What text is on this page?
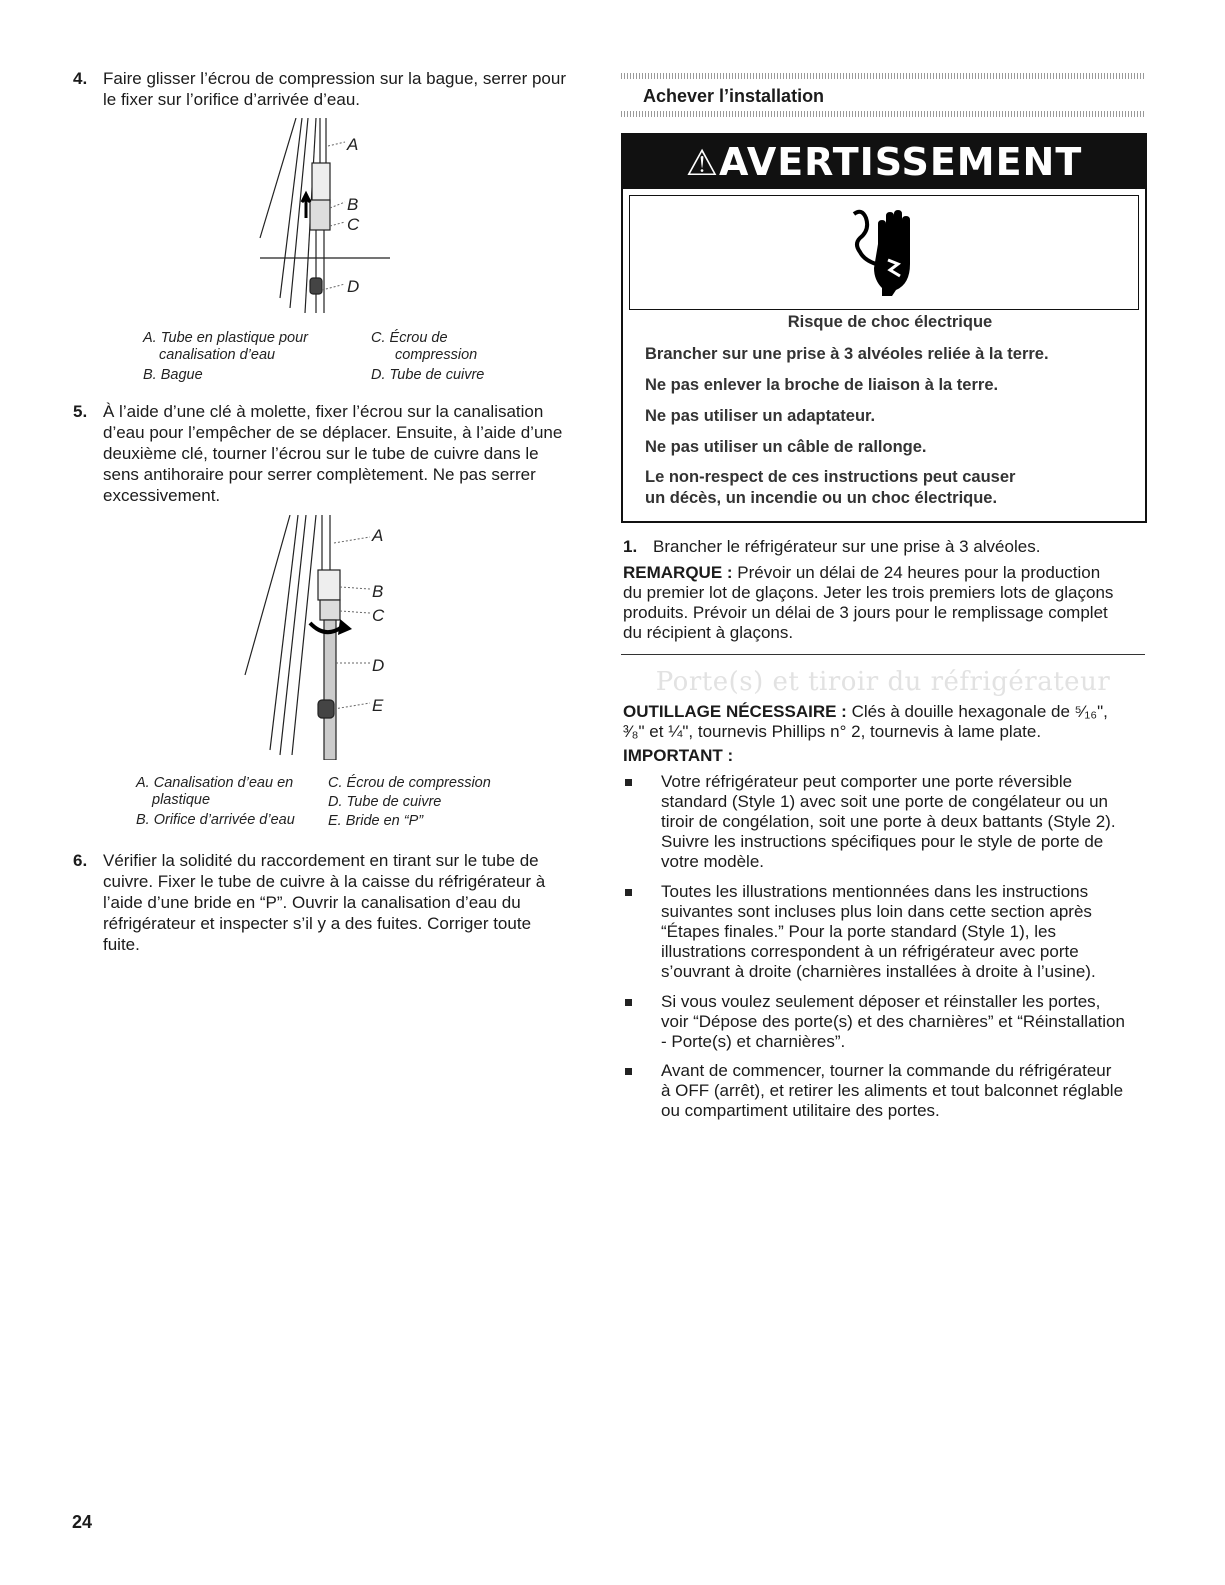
4. Faire glisser l’écrou de compression sur la bague, serrer pour
le fixer sur l’orifice d’arrivée d’eau.
A
B
C
D
A. Tube en plastique pour
canalisation d’eau
B. Bague
C. Écrou de
compression
D. Tube de cuivre
5. À l’aide d’une clé à molette, fixer l’écrou sur la canalisation
d’eau pour l’empêcher de se déplacer. Ensuite, à l’aide d’une
deuxième clé, tourner l’écrou sur le tube de cuivre dans le
sens antihoraire pour serrer complètement. Ne pas serrer
excessivement.
A
B
C
D
E
A. Canalisation d’eau en
plastique
B. Orifice d’arrivée d’eau
C. Écrou de compression
D. Tube de cuivre
E. Bride en “P”
6. Vérifier la solidité du raccordement en tirant sur le tube de
cuivre. Fixer le tube de cuivre à la caisse du réfrigérateur à
l’aide d’une bride en “P”. Ouvrir la canalisation d’eau du
réfrigérateur et inspecter s’il y a des fuites. Corriger toute
fuite.
Achever l’installation
⚠AVERTISSEMENT
Risque de choc électrique
Brancher sur une prise à 3 alvéoles reliée à la terre.
Ne pas enlever la broche de liaison à la terre.
Ne pas utiliser un adaptateur.
Ne pas utiliser un câble de rallonge.
Le non-respect de ces instructions peut causer
un décès, un incendie ou un choc électrique.
1. Brancher le réfrigérateur sur une prise à 3 alvéoles.
REMARQUE : Prévoir un délai de 24 heures pour la production
du premier lot de glaçons. Jeter les trois premiers lots de glaçons
produits. Prévoir un délai de 3 jours pour le remplissage complet
du récipient à glaçons.
Porte(s) et tiroir du réfrigérateur
OUTILLAGE NÉCESSAIRE : Clés à douille hexagonale de ⁵⁄₁₆",
³⁄₈" et ¼", tournevis Phillips n° 2, tournevis à lame plate.
IMPORTANT :
Votre réfrigérateur peut comporter une porte réversible
standard (Style 1) avec soit une porte de congélateur ou un
tiroir de congélation, soit une porte à deux battants (Style 2).
Suivre les instructions spécifiques pour le style de porte de
votre modèle.
Toutes les illustrations mentionnées dans les instructions
suivantes sont incluses plus loin dans cette section après
“Étapes finales.” Pour la porte standard (Style 1), les
illustrations correspondent à un réfrigérateur avec porte
s’ouvrant à droite (charnières installées à droite à l’usine).
Si vous voulez seulement déposer et réinstaller les portes,
voir “Dépose des porte(s) et des charnières” et “Réinstallation
- Porte(s) et charnières”.
Avant de commencer, tourner la commande du réfrigérateur
à OFF (arrêt), et retirer les aliments et tout balconnet réglable
ou compartiment utilitaire des portes.
24
